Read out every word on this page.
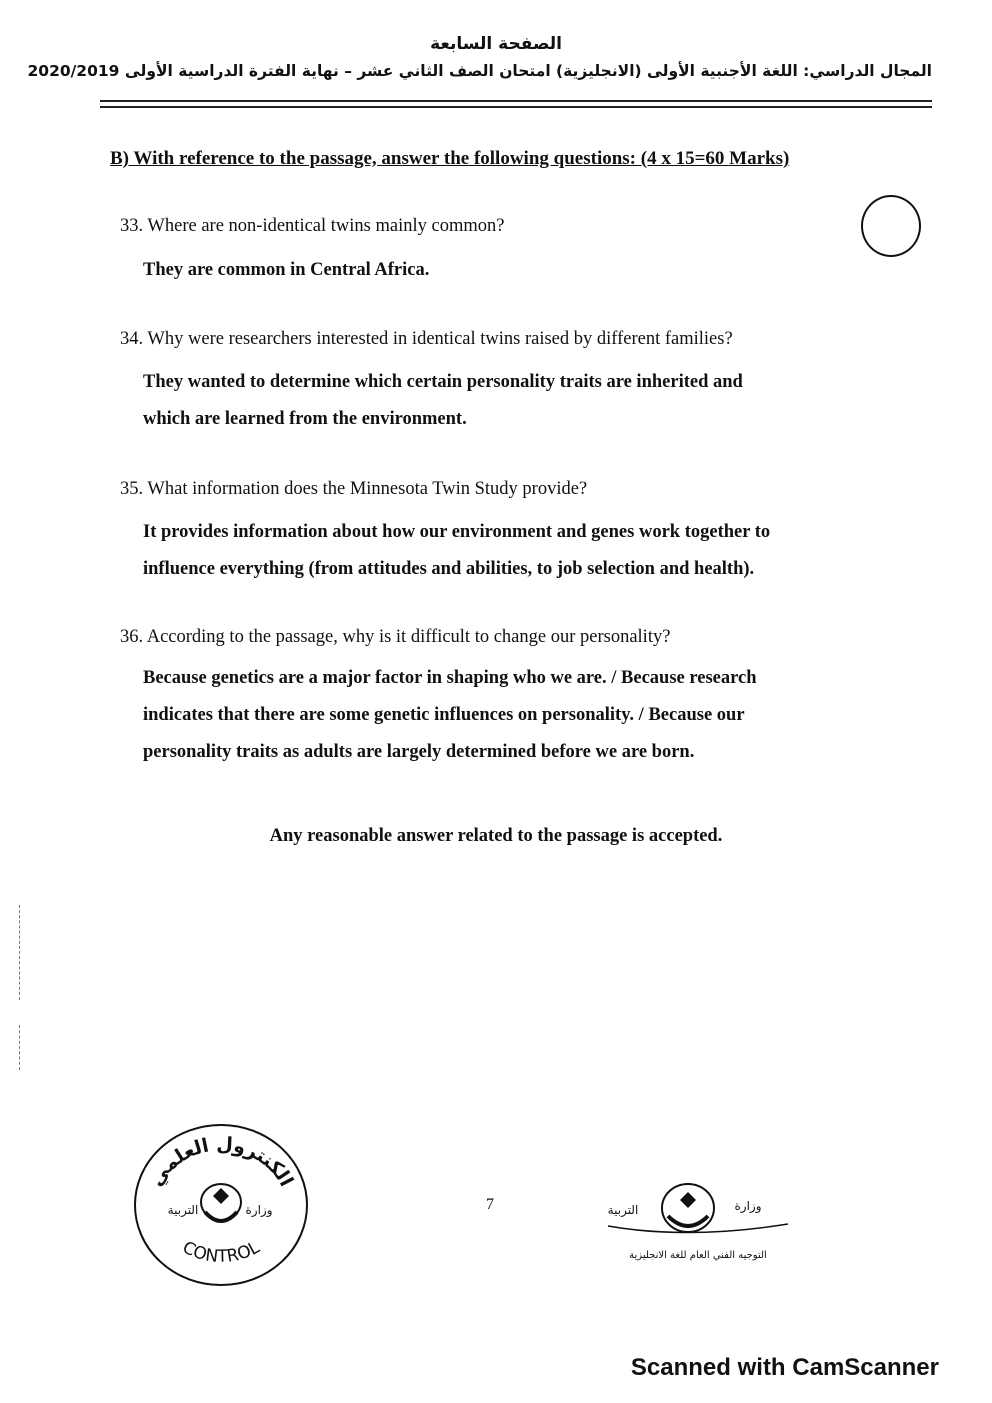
الصفحة السابعة
المجال الدراسي: اللغة الأجنبية الأولى (الانجليزية) امتحان الصف الثاني عشر – نهاية الفترة الدراسية الأولى 2020/2019
B) With reference to the passage, answer the following questions: (4 x 15=60 Marks)
33. Where are non-identical twins mainly common?
They are common in Central Africa.
34. Why were researchers interested in identical twins raised by different families?
They wanted to determine which certain personality traits are inherited and
which are learned from the environment.
35. What information does the Minnesota Twin Study provide?
It provides information about how our environment and genes work together to
influence everything (from attitudes and abilities, to job selection and health).
36. According to the passage, why is it difficult to change our personality?
Because genetics are a major factor in shaping who we are. / Because research
indicates that there are some genetic influences on personality. / Because our
personality traits as adults are largely determined before we are born.
Any reasonable answer related to the passage is accepted.
الكنترول العلمي
التربية	وزارة
CONTROL
7	وزارة
التربية
التوجيه الفني العام للغة الانجليزية
Scanned with CamScanner
